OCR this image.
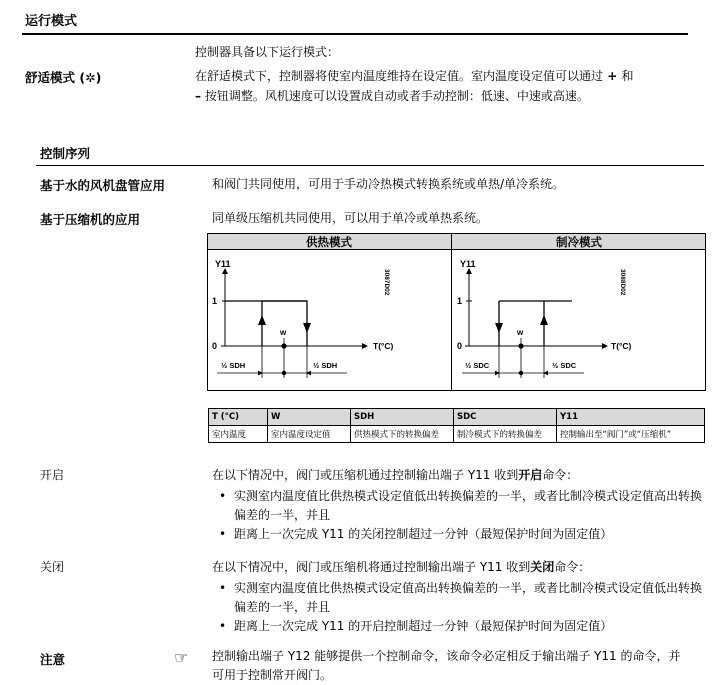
运行模式
控制器具备以下运行模式：
舒适模式 (✲)	在舒适模式下，控制器将使室内温度维持在设定值。室内温度设定值可以通过 + 和
– 按钮调整。风机速度可以设置成自动或者手动控制：低速、中速或高速。
控制序列
基于水的风机盘管应用	和阀门共同使用，可用于手动冷热模式转换系统或单热/单冷系统。
基于压缩机的应用	同单级压缩机共同使用，可以用于单冷或单热系统。
供热模式	制冷模式
Y11
1
0	T(°C)
3087D02
w
½ SDH	½ SDH
Y11
1
0	T(°C)
3088D02
w
½ SDC	½ SDC
T (°C)	W	SDH	SDC	Y11
室内温度	室内温度设定值	供热模式下的转换偏差	制冷模式下的转换偏差	控制输出至“阀门”或“压缩机”
开启	在以下情况中，阀门或压缩机通过控制输出端子 Y11 收到开启命令：
• 实测室内温度值比供热模式设定值低出转换偏差的一半，或者比制冷模式设定值高出转换偏差的一半，并且
• 距离上一次完成 Y11 的关闭控制超过一分钟（最短保护时间为固定值）
关闭	在以下情况中，阀门或压缩机将通过控制输出端子 Y11 收到关闭命令：
• 实测室内温度值比供热模式设定值高出转换偏差的一半，或者比制冷模式设定值低出转换偏差的一半，并且
• 距离上一次完成 Y11 的开启控制超过一分钟（最短保护时间为固定值）
注意	☞ 控制输出端子 Y12 能够提供一个控制命令，该命令必定相反于输出端子 Y11 的命令，并可用于控制常开阀门。
